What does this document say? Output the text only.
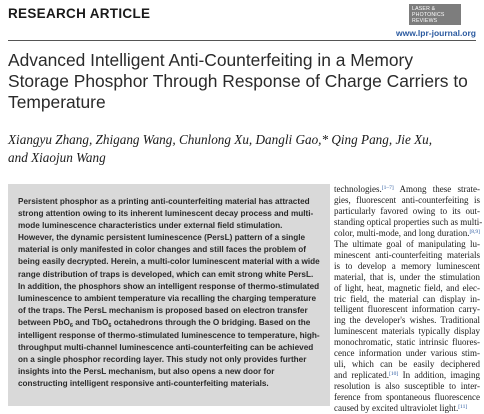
RESEARCH ARTICLE	LASER & PHOTONICS REVIEWS
www.lpr-journal.org
Advanced Intelligent Anti-Counterfeiting in a Memory Storage Phosphor Through Response of Charge Carriers to Temperature
Xiangyu Zhang, Zhigang Wang, Chunlong Xu, Dangli Gao,* Qing Pang, Jie Xu,
and Xiaojun Wang

Persistent phosphor as a printing anti-counterfeiting material has attracted strong attention owing to its inherent luminescent decay process and multi-mode luminescence characteristics under external field stimulation. However, the dynamic persistent luminescence (PersL) pattern of a single material is only manifested in color changes and still faces the problem of being easily decrypted. Herein, a multi-color luminescent material with a wide range distribution of traps is developed, which can emit strong white PersL. In addition, the phosphors show an intelligent response of thermo-stimulated luminescence to ambient temperature via recalling the charging temperature of the traps. The PersL mechanism is proposed based on electron transfer between PbO$_6$ and TbO$_6$ octahedrons through the O bridging. Based on the intelligent response of thermo-stimulated luminescence to temperature, high-throughput multi-channel luminescence anti-counterfeiting can be achieved on a single phosphor recording layer. This study not only provides further insights into the PersL mechanism, but also opens a new door for constructing intelligent responsive anti-counterfeiting materials.

technologies.[1–7] Among these strate-
gies, fluorescent anti-counterfeiting is
particularly favored owing to its out-
standing optical properties such as multi-
color, multi-mode, and long duration.[8,9]
The ultimate goal of manipulating lu-
minescent anti-counterfeiting materials
is to develop a memory luminescent
material, that is, under the stimulation
of light, heat, magnetic field, and elec-
tric field, the material can display in-
telligent fluorescent information carry-
ing the developer's wishes. Traditional
luminescent materials typically display
monochromatic, static intrinsic fluores-
cence information under various stim-
uli, which can be easily deciphered
and replicated.[10] In addition, imaging
resolution is also susceptible to inter-
ference from spontaneous fluorescence
caused by excited ultraviolet light.[11]
